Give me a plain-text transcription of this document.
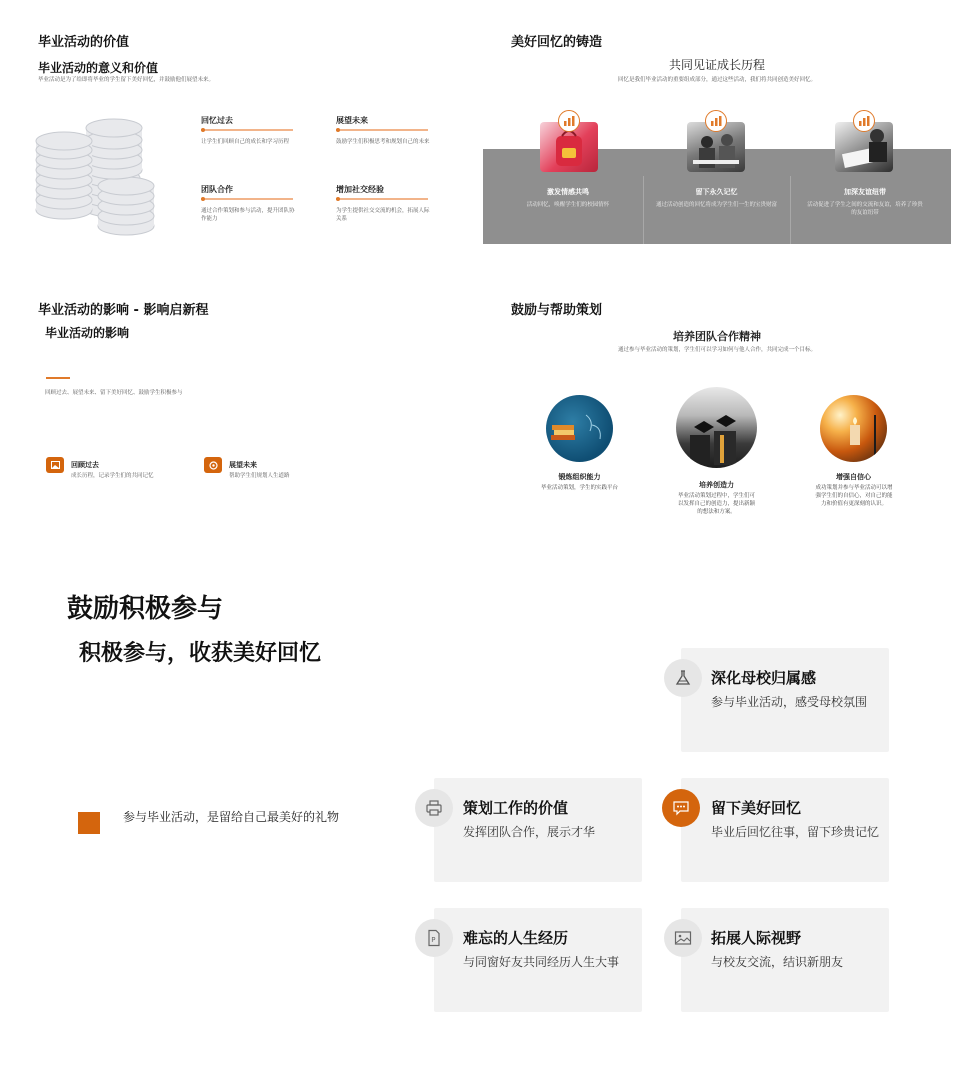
毕业活动的价值
毕业活动的意义和价值
毕业活动是为了给即将毕业的学生留下美好回忆，并鼓励他们展望未来。
回忆过去
让学生们回顾自己的成长和学习历程
展望未来
鼓励学生们积极思考和规划自己的未来
团队合作
通过合作策划和参与活动，提升团队协作能力
增加社交经验
为学生提供社交交流的机会，拓展人际关系
美好回忆的铸造
共同见证成长历程
回忆是我们毕业活动的重要组成部分，通过这些活动，我们将共同创造美好回忆。
激发情感共鸣
活动回忆，唤醒学生们的校园情怀
留下永久记忆
通过活动创造的回忆将成为学生们一生的宝贵财富
加深友谊纽带
活动促进了学生之间的交流和友谊，培养了珍贵的友谊纽带
毕业活动的影响 - 影响启新程
毕业活动的影响
回顾过去、展望未来、留下美好回忆、鼓励学生积极参与
回顾过去
成长历程，记录学生们的共同记忆
展望未来
帮助学生们规划人生道路
鼓励与帮助策划
培养团队合作精神
通过参与毕业活动的策划，学生们可以学习如何与他人合作，共同完成一个目标。
锻炼组织能力
毕业活动策划，学生的实践平台	培养创造力
毕业活动策划过程中，学生们可以发挥自己的创造力，提出新颖的想法和方案。
增强自信心
成功策划并参与毕业活动可以增强学生们的自信心，对自己的能力和价值有更深刻的认识。
鼓励积极参与
积极参与，收获美好回忆
参与毕业活动，是留给自己最美好的礼物
深化母校归属感
参与毕业活动，感受母校氛围
策划工作的价值
发挥团队合作，展示才华
留下美好回忆
毕业后回忆往事，留下珍贵记忆
P 难忘的人生经历
与同窗好友共同经历人生大事
拓展人际视野
与校友交流，结识新朋友
